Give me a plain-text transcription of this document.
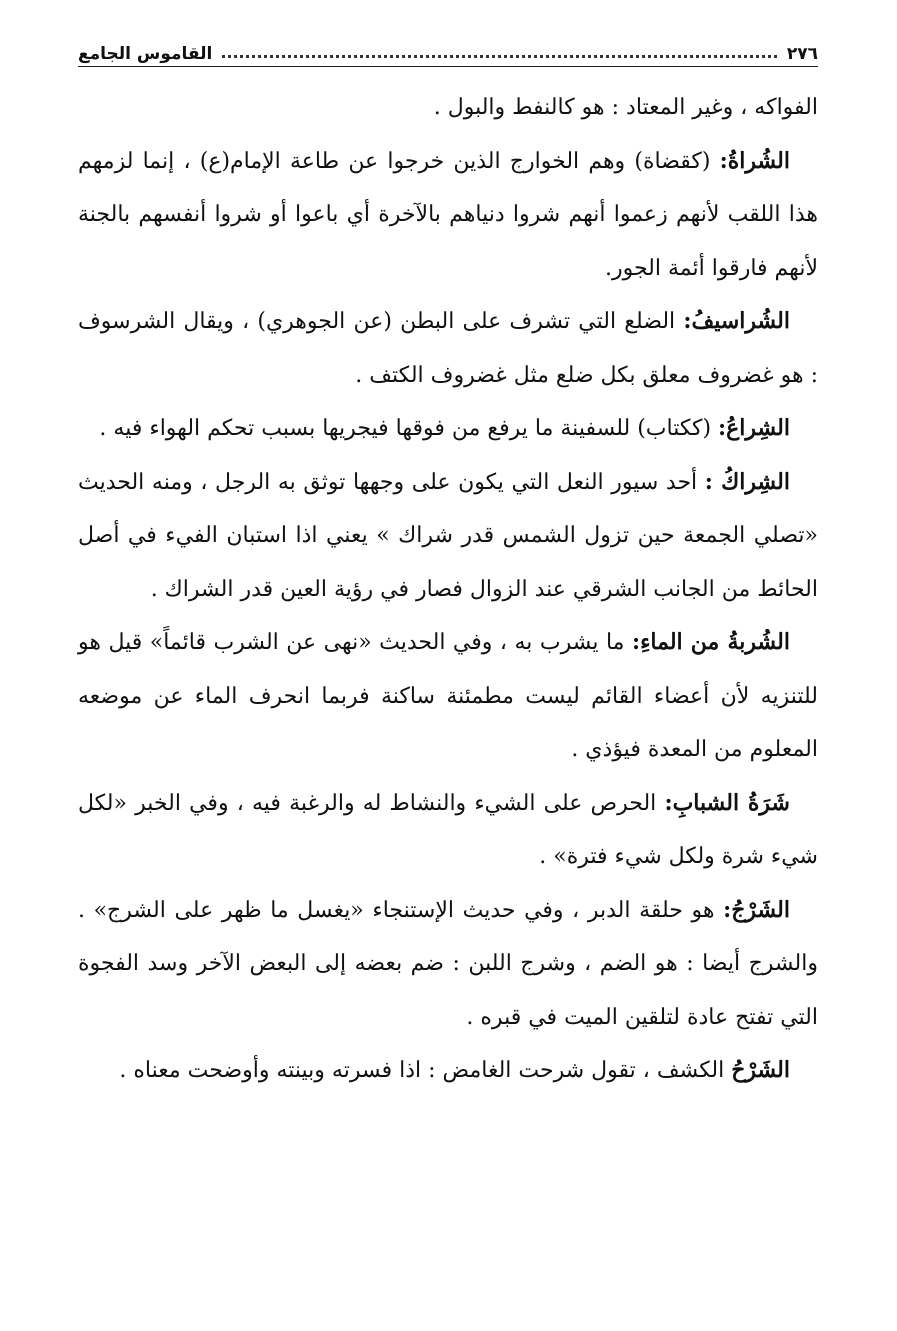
٢٧٦
القاموس الجامع

الفواكه ، وغير المعتاد : هو كالنفط والبول .

الشُراةُ: (كقضاة) وهم الخوارج الذين خرجوا عن طاعة الإمام(ع) ، إنما لزمهم هذا اللقب لأنهم زعموا أنهم شروا دنياهم بالآخرة أي باعوا أو شروا أنفسهم بالجنة لأنهم فارقوا أئمة الجور.

الشُراسيفُ: الضلع التي تشرف على البطن (عن الجوهري) ، ويقال الشرسوف : هو غضروف معلق بكل ضلع مثل غضروف الكتف .

الشِراعُ: (ككتاب) للسفينة ما يرفع من فوقها فيجريها بسبب تحكم الهواء فيه .

الشِراكُ : أحد سيور النعل التي يكون على وجهها توثق به الرجل ، ومنه الحديث «تصلي الجمعة حين تزول الشمس قدر شراك » يعني اذا استبان الفيء في أصل الحائط من الجانب الشرقي عند الزوال فصار في رؤية العين قدر الشراك .

الشُربةُ من الماءِ: ما يشرب به ، وفي الحديث «نهى عن الشرب قائماً» قيل هو للتنزيه لأن أعضاء القائم ليست مطمئنة ساكنة فربما انحرف الماء عن موضعه المعلوم من المعدة فيؤذي .

شَرَةُ الشبابِ: الحرص على الشيء والنشاط له والرغبة فيه ، وفي الخبر «لكل شيء شرة ولكل شيء فترة» .

الشَرْجُ: هو حلقة الدبر ، وفي حديث الإستنجاء «يغسل ما ظهر على الشرج» . والشرج أيضا : هو الضم ، وشرج اللبن : ضم بعضه إلى البعض الآخر وسد الفجوة التي تفتح عادة لتلقين الميت في قبره .

الشَرْحُ الكشف ، تقول شرحت الغامض : اذا فسرته وبينته وأوضحت معناه .
